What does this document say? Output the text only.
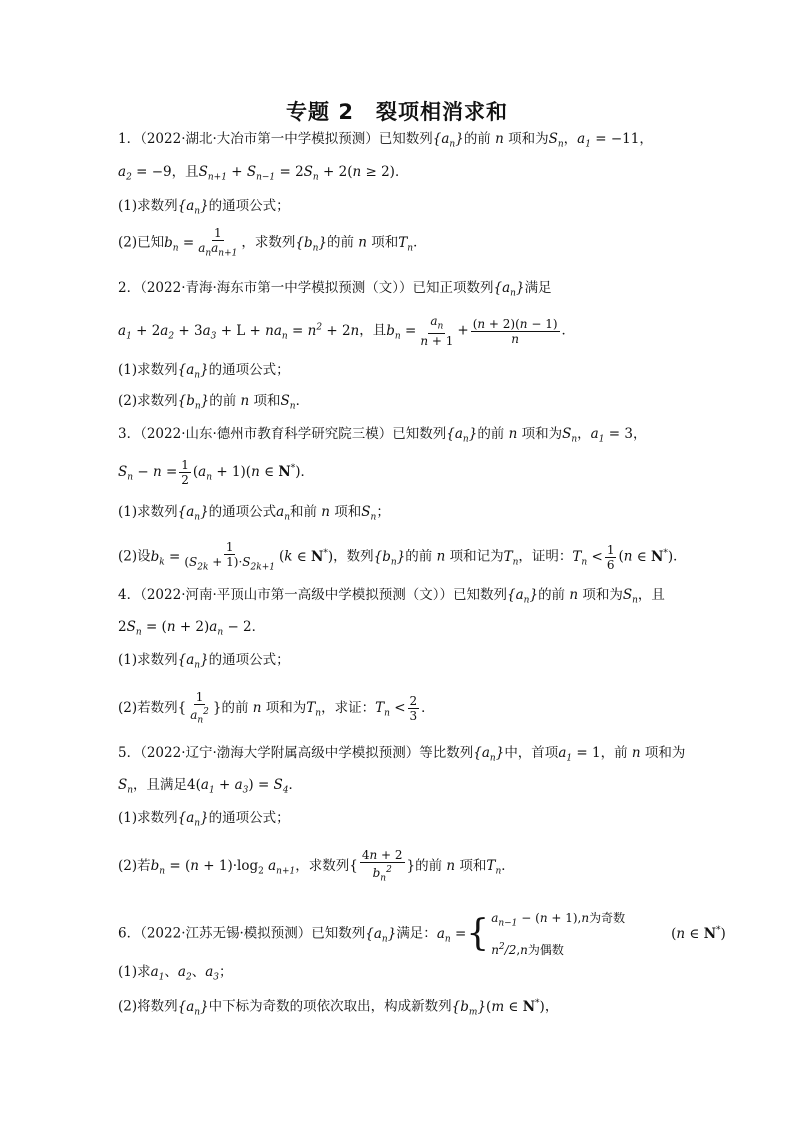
专题 2　裂项相消求和
1．（2022·湖北·大冶市第一中学模拟预测）已知数列$\{a_n\}$的前 n 项和为$S_n$，$a_1 = -11$，
$a_2 = -9$，且$S_{n+1} + S_{n-1} = 2S_n + 2(n \ge 2)$．
(1)求数列$\{a_n\}$的通项公式；
(2)已知$b_n = \frac{1}{a_na_{n+1}}$ ，求数列$\{b_n\}$的前 n 项和$T_n$．
2．（2022·青海·海东市第一中学模拟预测（文））已知正项数列$\{a_n\}$满足
$a_1 + 2a_2 + 3a_3 + L + na_n = n^2 + 2n$，且$b_n = \frac{a_n}{n + 1} + \frac{(n + 2)(n - 1)}{n}$ ．
(1)求数列$\{a_n\}$的通项公式；
(2)求数列$\{b_n\}$的前 n 项和$S_n$．
3．（2022·山东·德州市教育科学研究院三模）已知数列$\{a_n\}$的前 n 项和为$S_n$，$a_1 = 3$，
$S_n - n = \frac{1}{2} (a_n + 1)(n$ ∈ N*)．
(1)求数列$\{a_n\}$的通项公式$a_n$和前 n 项和$S_n$；
(2)设$b_k = \frac{1}{(S_{2k} + 1)\cdot S_{2k+1}} (k$ ∈ N*)，数列$\{b_n\}$的前 n 项和记为$T_n$，证明：$T_n < \frac{1}{6} (n$ ∈ N*)．
4．（2022·河南·平顶山市第一高级中学模拟预测（文））已知数列$\{a_n\}$的前 n 项和为$S_n$，且
$2S_n = (n + 2)a_n - 2$．
(1)求数列$\{a_n\}$的通项公式；
(2)若数列{ $\frac{1}{a_n^2}$ }的前 n 项和为$T_n$，求证：$T_n < \frac{2}{3}$ ．
5．（2022·辽宁·渤海大学附属高级中学模拟预测）等比数列$\{a_n\}$中，首项$a_1 = 1$，前 n 项和为
$S_n$，且满足$4(a_1 + a_3) = S_4$．
(1)求数列$\{a_n\}$的通项公式；
(2)若$b_n = (n + 1)\cdot\log_2$ $a_{n+1}$，求数列{ $\frac{4n + 2}{b_n^2}$ }的前 n 项和$T_n$．
6．（2022·江苏无锡·模拟预测）已知数列$\{a_n\}$满足：$a_n$ ={ $a_{n-1} - (n + 1),n$为奇数
$n^2/2,n$为偶数(n ∈ N*)
(1)求$a_1$、$a_2$、$a_3$；
(2)将数列$\{a_n\}$中下标为奇数的项依次取出，构成新数列$\{b_m\}(m$ ∈ N*)，
